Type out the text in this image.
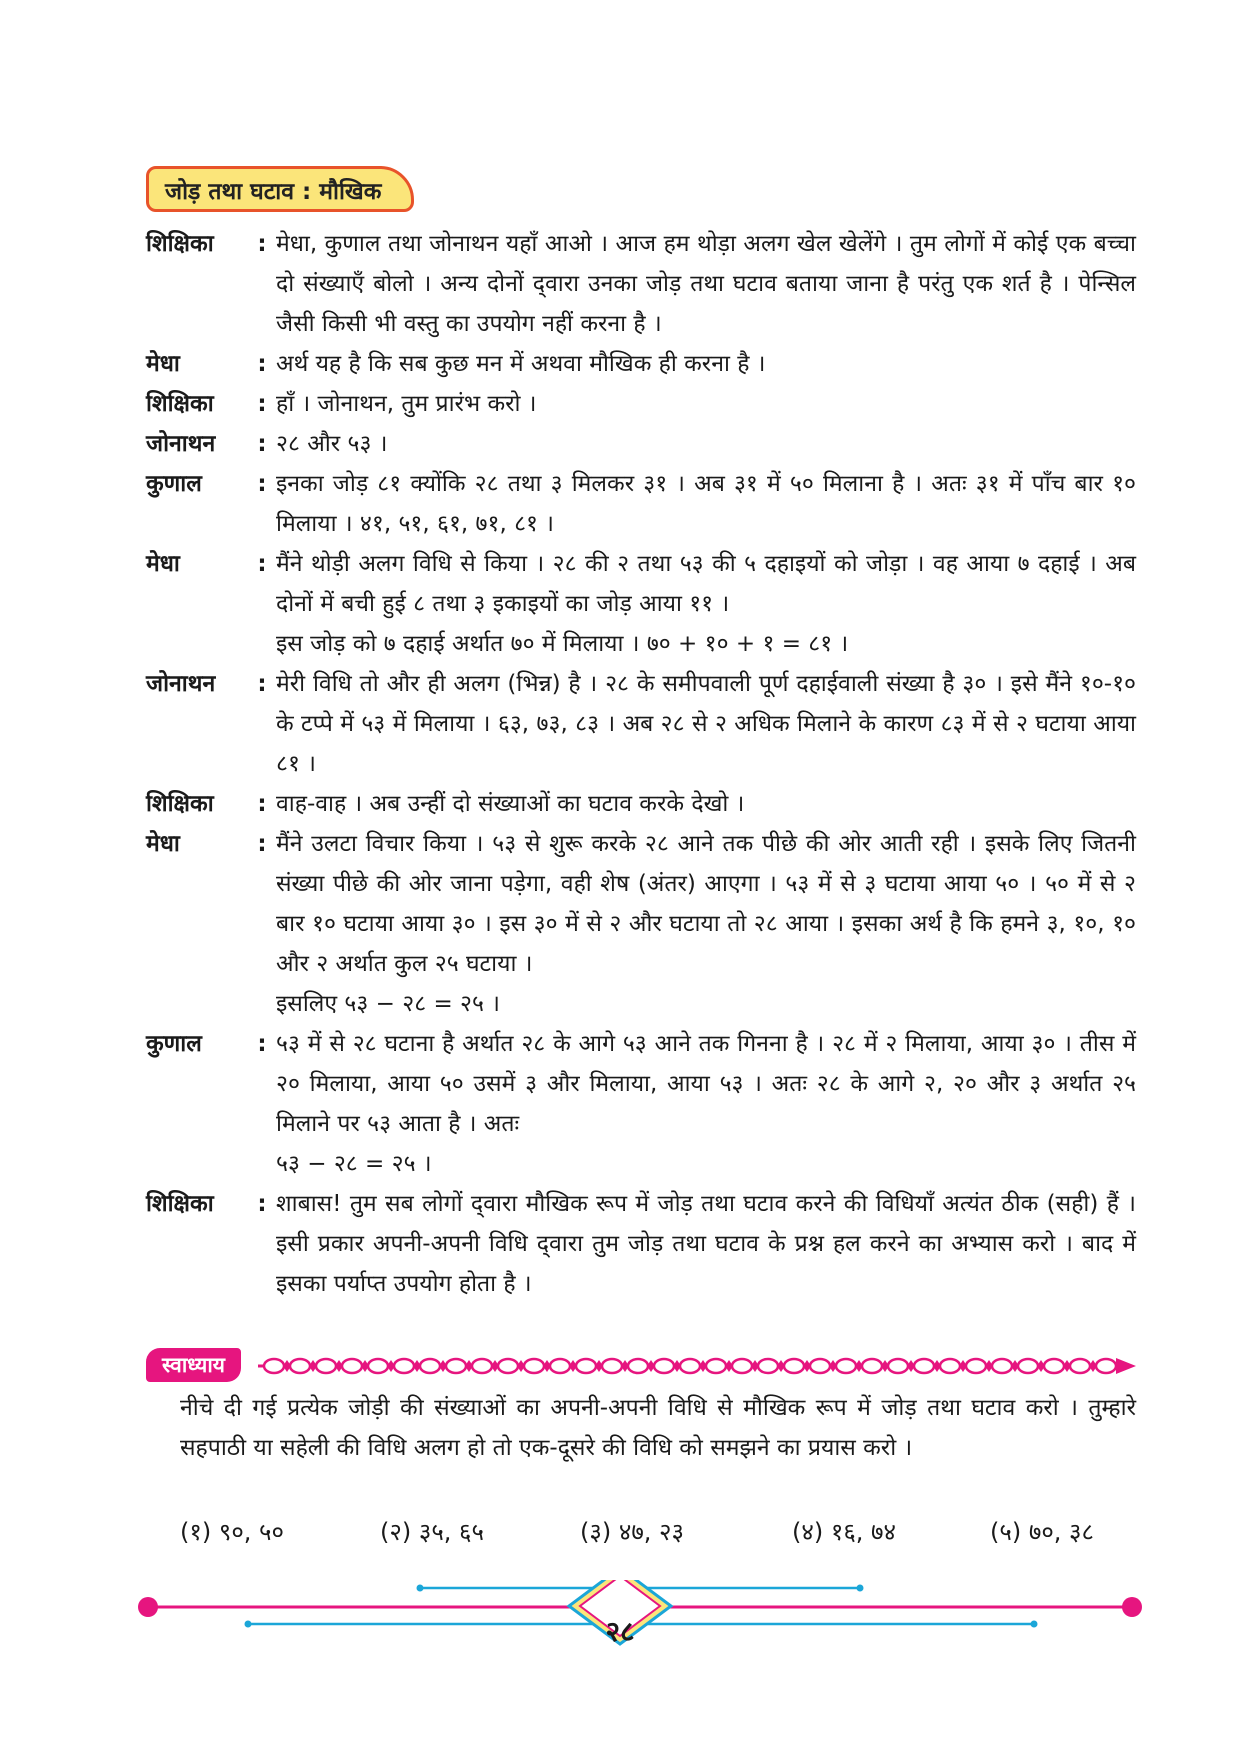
जोड़ तथा घटाव : मौखिक
शिक्षिका	: मेधा, कुणाल तथा जोनाथन यहाँ आओ । आज हम थोड़ा अलग खेल खेलेंगे । तुम लोगों में कोई एक बच्चा दो संख्याएँ बोलो । अन्य दोनों द्‌वारा उनका जोड़ तथा घटाव बताया जाना है परंतु एक शर्त है । पेन्सिल जैसी किसी भी वस्तु का उपयोग नहीं करना है ।

मेधा	: अर्थ यह है कि सब कुछ मन में अथवा मौखिक ही करना है ।

शिक्षिका	: हाँ । जोनाथन, तुम प्रारंभ करो ।

जोनाथन	: २८ और ५३ ।

कुणाल	: इनका जोड़ ८१ क्योंकि २८ तथा ३ मिलकर ३१ । अब ३१ में ५० मिलाना है । अतः ३१ में पाँच बार १० मिलाया । ४१, ५१, ६१, ७१, ८१ ।

मेधा	: मैंने थोड़ी अलग विधि से किया । २८ की २ तथा ५३ की ५ दहाइयों को जोड़ा । वह आया ७ दहाई । अब दोनों में बची हुई ८ तथा ३ इकाइयों का जोड़ आया ११ ।

इस जोड़ को ७ दहाई अर्थात ७० में मिलाया । ७० + १० + १ = ८१ ।

जोनाथन	: मेरी विधि तो और ही अलग (भिन्न) है । २८ के समीपवाली पूर्ण दहाईवाली संख्या है ३० । इसे मैंने १०-१० के टप्पे में ५३ में मिलाया । ६३, ७३, ८३ । अब २८ से २ अधिक मिलाने के कारण ८३ में से २ घटाया आया ८१ ।

शिक्षिका	: वाह-वाह । अब उन्हीं दो संख्याओं का घटाव करके देखो ।

मेधा	: मैंने उलटा विचार किया । ५३ से शुरू करके २८ आने तक पीछे की ओर आती रही । इसके लिए जितनी संख्या पीछे की ओर जाना पड़ेगा, वही शेष (अंतर) आएगा । ५३ में से ३ घटाया आया ५० । ५० में से २ बार १० घटाया आया ३० । इस ३० में से २ और घटाया तो २८ आया । इसका अर्थ है कि हमने ३, १०, १० और २ अर्थात कुल २५ घटाया ।

इसलिए ५३ − २८ = २५ ।

कुणाल	: ५३ में से २८ घटाना है अर्थात २८ के आगे ५३ आने तक गिनना है । २८ में २ मिलाया, आया ३० । तीस में २० मिलाया, आया ५० उसमें ३ और मिलाया, आया ५३ । अतः २८ के आगे २, २० और ३ अर्थात २५ मिलाने पर ५३ आता है । अतः

५३ − २८ = २५ ।

शिक्षिका	: शाबास! तुम सब लोगों द्‌वारा मौखिक रूप में जोड़ तथा घटाव करने की विधियाँ अत्यंत ठीक (सही) हैं । इसी प्रकार अपनी-अपनी विधि द्‌वारा तुम जोड़ तथा घटाव के प्रश्न हल करने का अभ्यास करो । बाद में इसका पर्याप्त उपयोग होता है ।

स्वाध्याय

नीचे दी गई प्रत्येक जोड़ी की संख्याओं का अपनी-अपनी विधि से मौखिक रूप में जोड़ तथा घटाव करो । तुम्हारे सहपाठी या सहेली की विधि अलग हो तो एक-दूसरे की विधि को समझने का प्रयास करो ।

(१) ९०, ५०	(२) ३५, ६५	(३) ४७, २३	(४) १६, ७४	(५) ७०, ३८
२८
